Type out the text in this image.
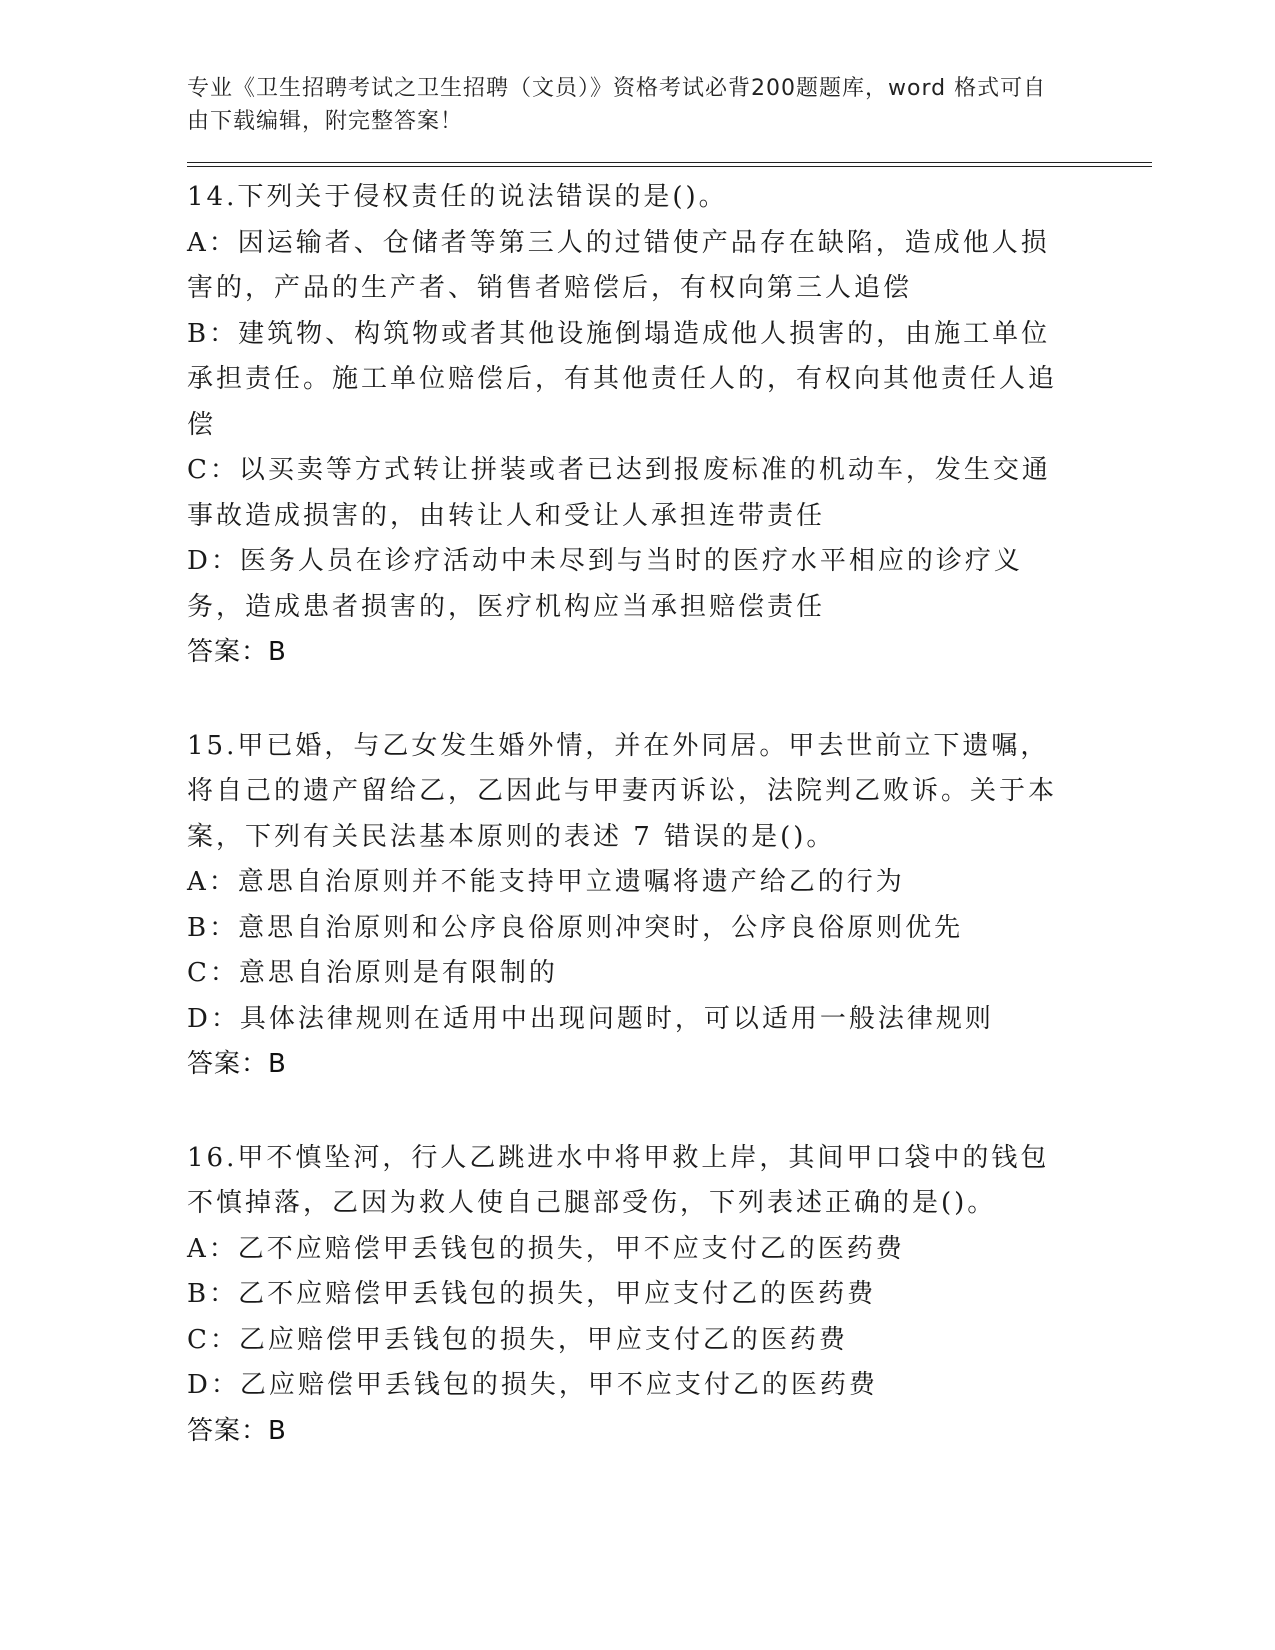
专业《卫生招聘考试之卫生招聘（文员）》资格考试必背200题题库，word 格式可自由下载编辑，附完整答案！
14.下列关于侵权责任的说法错误的是()。
A：因运输者、仓储者等第三人的过错使产品存在缺陷，造成他人损害的，产品的生产者、销售者赔偿后，有权向第三人追偿
B：建筑物、构筑物或者其他设施倒塌造成他人损害的，由施工单位承担责任。施工单位赔偿后，有其他责任人的，有权向其他责任人追偿
C：以买卖等方式转让拼装或者已达到报废标准的机动车，发生交通事故造成损害的，由转让人和受让人承担连带责任
D：医务人员在诊疗活动中未尽到与当时的医疗水平相应的诊疗义务，造成患者损害的，医疗机构应当承担赔偿责任
答案：B
15.甲已婚，与乙女发生婚外情，并在外同居。甲去世前立下遗嘱，将自己的遗产留给乙，乙因此与甲妻丙诉讼，法院判乙败诉。关于本案，下列有关民法基本原则的表述 7 错误的是()。
A：意思自治原则并不能支持甲立遗嘱将遗产给乙的行为
B：意思自治原则和公序良俗原则冲突时，公序良俗原则优先
C：意思自治原则是有限制的
D：具体法律规则在适用中出现问题时，可以适用一般法律规则
答案：B
16.甲不慎坠河，行人乙跳进水中将甲救上岸，其间甲口袋中的钱包不慎掉落，乙因为救人使自己腿部受伤，下列表述正确的是()。
A：乙不应赔偿甲丢钱包的损失，甲不应支付乙的医药费
B：乙不应赔偿甲丢钱包的损失，甲应支付乙的医药费
C：乙应赔偿甲丢钱包的损失，甲应支付乙的医药费
D：乙应赔偿甲丢钱包的损失，甲不应支付乙的医药费
答案：B
